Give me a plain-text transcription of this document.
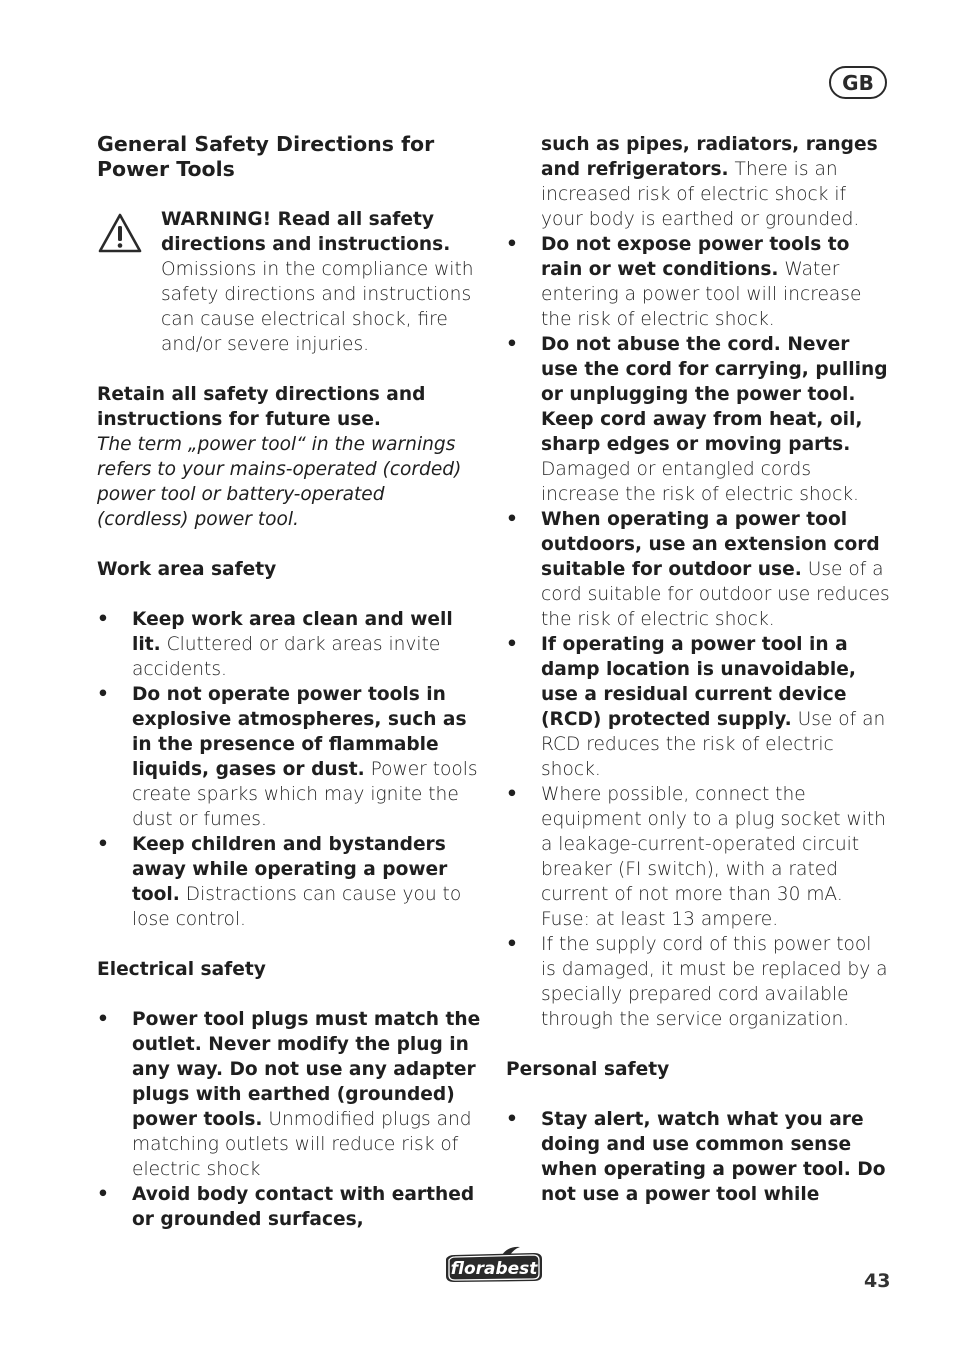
GB
General Safety Directions for Power Tools
WARNING! Read all safety directions and instructions. Omissions in the compliance with safety directions and instructions can cause electrical shock, fire and/or severe injuries.

Retain all safety directions and instructions for future use.

The term „power tool“ in the warnings refers to your mains-operated (corded) power tool or battery-operated (cordless) power tool.

Work area safety
• Keep work area clean and well lit. Cluttered or dark areas invite accidents.
• Do not operate power tools in explosive atmospheres, such as in the presence of flammable liquids, gases or dust. Power tools create sparks which may ignite the dust or fumes.
• Keep children and bystanders away while operating a power tool. Distractions can cause you to lose control.
Electrical safety
• Power tool plugs must match the outlet. Never modify the plug in any way. Do not use any adapter plugs with earthed (grounded) power tools. Unmodified plugs and matching outlets will reduce risk of electric shock
• Avoid body contact with earthed or grounded surfaces,
such as pipes, radiators, ranges and refrigerators. There is an increased risk of electric shock if your body is earthed or grounded.
• Do not expose power tools to rain or wet conditions. Water entering a power tool will increase the risk of electric shock.
• Do not abuse the cord. Never use the cord for carrying, pulling or unplugging the power tool. Keep cord away from heat, oil, sharp edges or moving parts. Damaged or entangled cords increase the risk of electric shock.
• When operating a power tool outdoors, use an extension cord suitable for outdoor use. Use of a cord suitable for outdoor use reduces the risk of electric shock.
• If operating a power tool in a damp location is unavoidable, use a residual current device (RCD) protected supply. Use of an RCD reduces the risk of electric shock.
• Where possible, connect the equipment only to a plug socket with a leakage-current-operated circuit breaker (FI switch), with a rated current of not more than 30 mA. Fuse: at least 13 ampere.
• If the supply cord of this power tool is damaged, it must be replaced by a specially prepared cord available through the service organization.
Personal safety
• Stay alert, watch what you are doing and use common sense when operating a power tool. Do not use a power tool while
florabest
43
